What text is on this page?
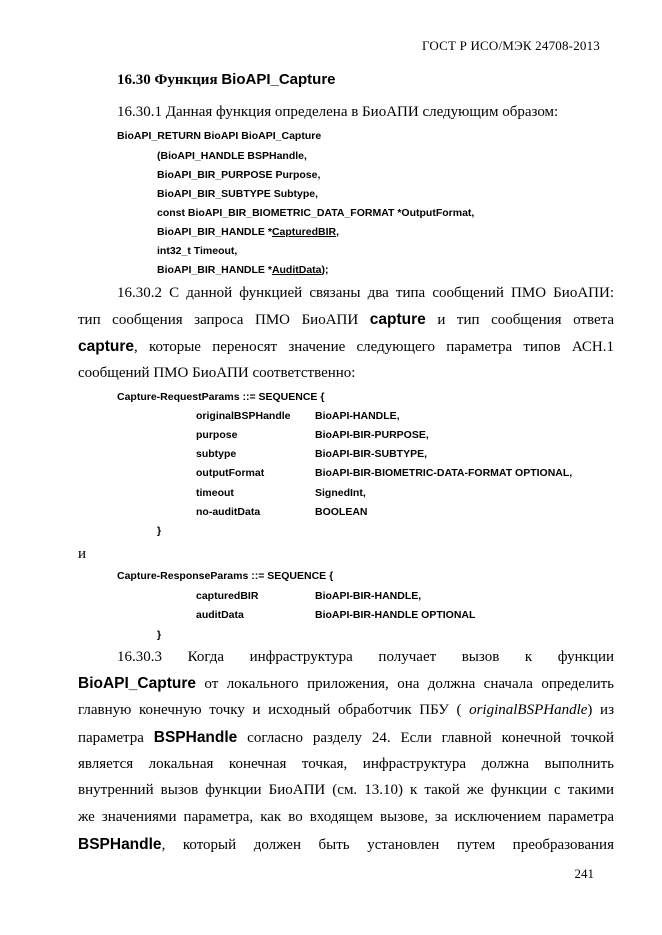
ГОСТ Р ИСО/МЭК 24708-2013
16.30 Функция BioAPI_Capture
16.30.1 Данная функция определена в БиоАПИ следующим образом:
BioAPI_RETURN BioAPI BioAPI_Capture
(BioAPI_HANDLE BSPHandle,
BioAPI_BIR_PURPOSE Purpose,
BioAPI_BIR_SUBTYPE Subtype,
const BioAPI_BIR_BIOMETRIC_DATA_FORMAT *OutputFormat,
BioAPI_BIR_HANDLE *CapturedBIR,
int32_t Timeout,
BioAPI_BIR_HANDLE *AuditData);
16.30.2 С данной функцией связаны два типа сообщений ПМО БиоАПИ:
тип сообщения запроса ПМО БиоАПИ capture и тип сообщения ответа
capture, которые переносят значение следующего параметра типов АСН.1
сообщений ПМО БиоАПИ соответственно:
Capture-RequestParams ::= SEQUENCE {
originalBSPHandle BioAPI-HANDLE,
purpose	BioAPI-BIR-PURPOSE,
subtype	BioAPI-BIR-SUBTYPE,
outputFormat	BioAPI-BIR-BIOMETRIC-DATA-FORMAT OPTIONAL,
timeout	SignedInt,
no-auditData	BOOLEAN
}
и
Capture-ResponseParams ::= SEQUENCE {
capturedBIR	BioAPI-BIR-HANDLE,
auditData	BioAPI-BIR-HANDLE OPTIONAL
}
16.30.3 Когда инфраструктура получает вызов к функции
BioAPI_Capture от локального приложения, она должна сначала определить
главную конечную точку и исходный обработчик ПБУ ( originalBSPHandle) из
параметра BSPHandle согласно разделу 24. Если главной конечной точкой
является локальная конечная точкая, инфраструктура должна выполнить
внутренний вызов функции БиоАПИ (см. 13.10) к такой же функции с такими
же значениями параметра, как во входящем вызове, за исключением параметра
BSPHandle, который должен быть установлен путем преобразования
241
